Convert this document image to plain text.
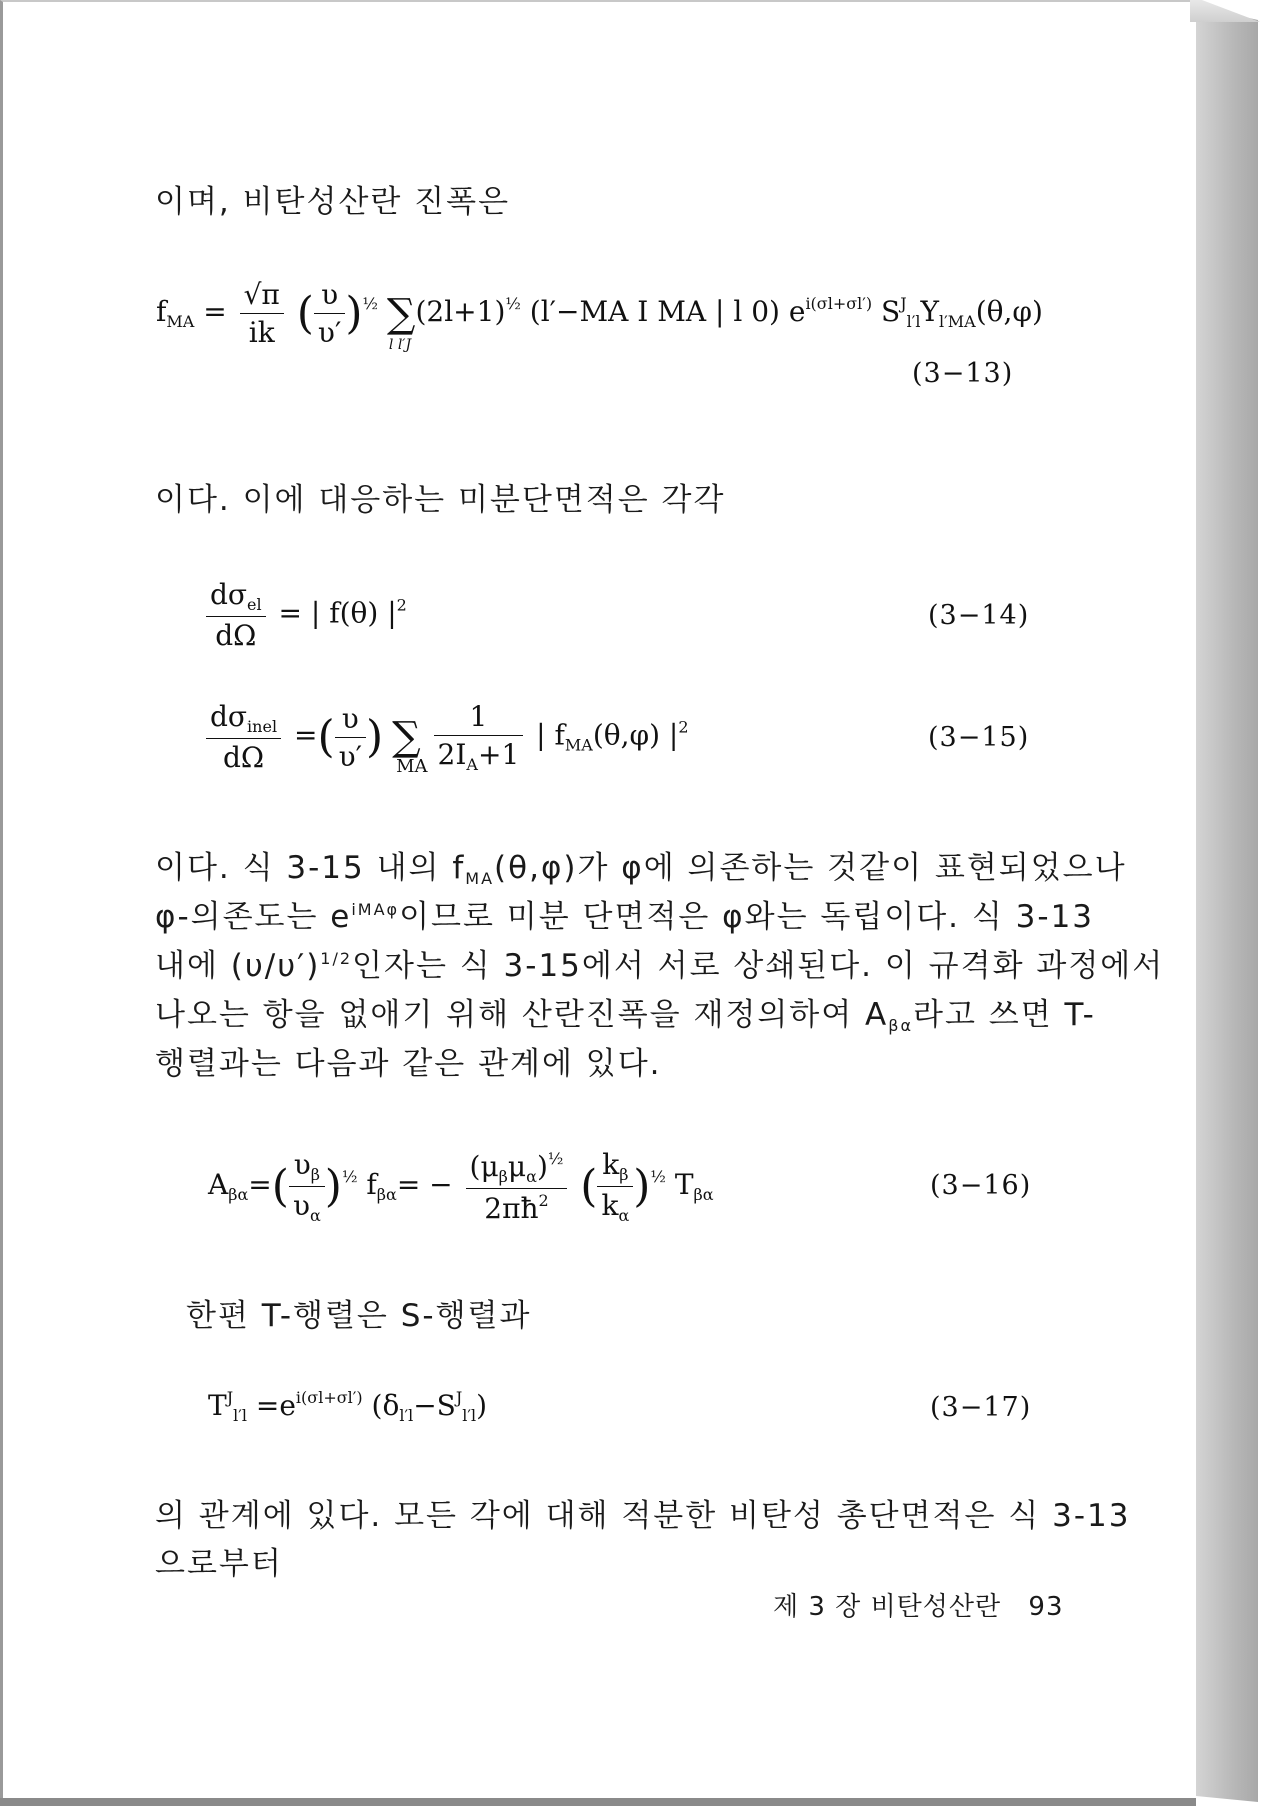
이며, 비탄성산란 진폭은
$f_{MA} = \frac{√\pi}{ik}$ ( $\frac{\upsilon}{\upsilon'} )^{\frac{1}{2}}$ ∑
l l′J
$(2l+1)^{\frac{1}{2}}$ (l′−MA I MA | l 0) $e^{i(\sigma l+\sigma l')}$ $S^J_{l'l}Y_{l'MA}(\theta,\varphi)$
(3−13)
이다. 이에 대응하는 미분단면적은 각각
$\frac{d\sigma_{el}}{d\Omega}$ = | f(θ) $|^2$	(3−14)
$\frac{d\sigma_{inel}}{d\Omega}$ =( $\frac{\upsilon}{\upsilon'}$ ) ∑
MA
$\frac{1}{2I_A+1}$ | $f_{MA}(\theta,\varphi)$ $|^2$	(3−15)
이다. 식 3-15 내의 $f_{MA}(\theta,\varphi)$가 φ에 의존하는 것같이 표현되었으나
φ-의존도는 $e^{iMA\varphi}$이므로 미분 단면적은 φ와는 독립이다. 식 3-13
내에 $(\upsilon/\upsilon')^{1/2}$인자는 식 3-15에서 서로 상쇄된다. 이 규격화 과정에서
나오는 항을 없애기 위해 산란진폭을 재정의하여 $A_{\beta\alpha}$라고 쓰면 T-
행렬과는 다음과 같은 관계에 있다.
$A_{\beta\alpha}=( \frac{\upsilon_\beta}{\upsilon_\alpha} )^{\frac{1}{2}}$ $f_{\beta\alpha}= - \frac{(\mu_\beta\mu_\alpha)^{\frac{1}{2}}}{2\pi ħ^2}$ ( $\frac{k_\beta}{k_\alpha} )^{\frac{1}{2}}$ $T_{\beta\alpha}$	(3−16)
한편 T-행렬은 S-행렬과
$T^J_{l'l} =e^{i(\sigma l+\sigma l')}$ $(\delta_{l'l}-S^J_{l'l})$	(3−17)
의 관계에 있다. 모든 각에 대해 적분한 비탄성 총단면적은 식 3-13
으로부터
제 3 장 비탄성산란 93
